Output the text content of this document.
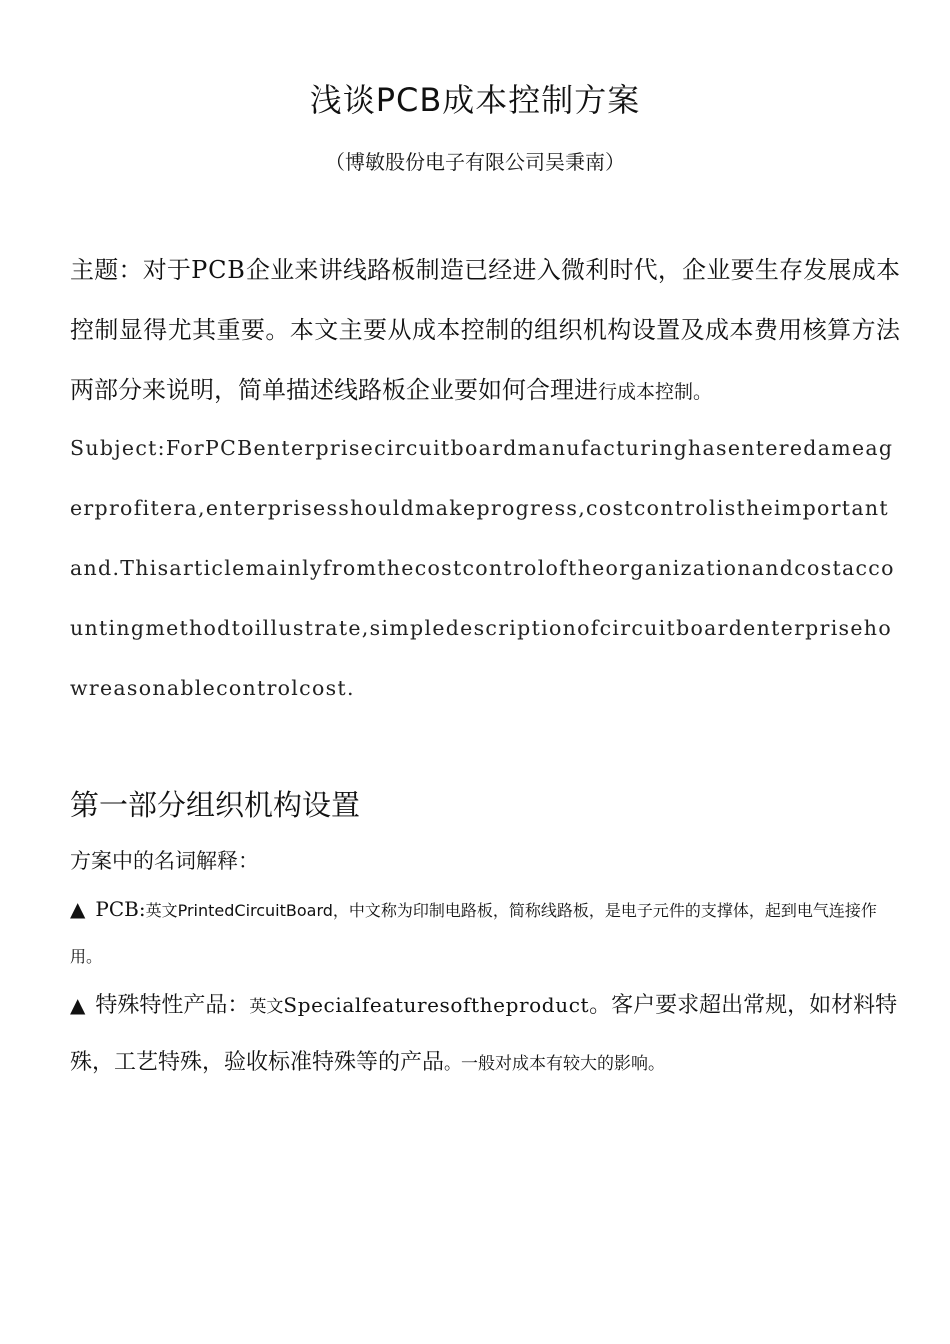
浅谈PCB成本控制方案
（博敏股份电子有限公司吴秉南）
主题：对于PCB企业来讲线路板制造已经进入微利时代，企业要生存发展成本控制显得尤其重要。本文主要从成本控制的组织机构设置及成本费用核算方法两部分来说明，简单描述线路板企业要如何合理进行成本控制。
Subject:ForPCBenterprisecircuitboardmanufacturinghasenteredameagerprofitera,enterprisesshouldmakeprogress,costcontrolistheimportantand.Thisarticlemainlyfromthecostcontroloftheorganizationandcostaccountingmethodtoillustrate,simpledescriptionofcircuitboardenterprisehowreasonablecontrolcost.
第一部分组织机构设置
方案中的名词解释：
▲ PCB:英文PrintedCircuitBoard，中文称为印制电路板，简称线路板，是电子元件的支撑体，起到电气连接作用。
▲ 特殊特性产品：英文Specialfeaturesoftheproduct。客户要求超出常规，如材料特殊，工艺特殊，验收标准特殊等的产品。一般对成本有较大的影响。
